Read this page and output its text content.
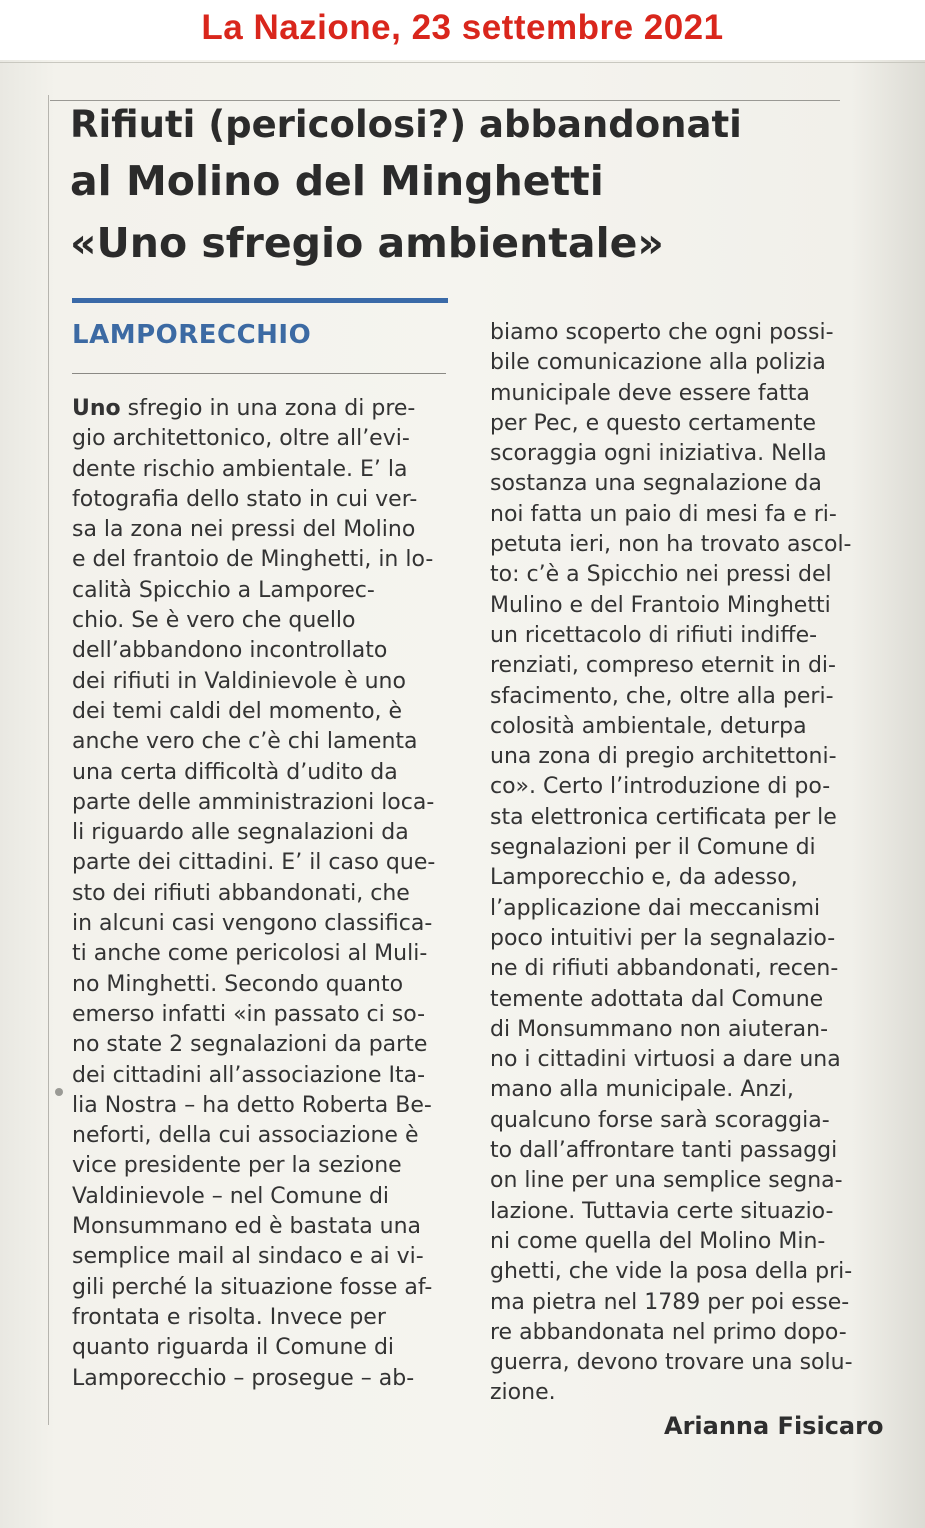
La Nazione, 23 settembre 2021
Rifiuti (pericolosi?) abbandonati
al Molino del Minghetti
«Uno sfregio ambientale»
LAMPORECCHIO
Uno sfregio in una zona di pre-
gio architettonico, oltre all’evi-
dente rischio ambientale. E’ la
fotografia dello stato in cui ver-
sa la zona nei pressi del Molino
e del frantoio de Minghetti, in lo-
calità Spicchio a Lamporec-
chio. Se è vero che quello
dell’abbandono incontrollato
dei rifiuti in Valdinievole è uno
dei temi caldi del momento, è
anche vero che c’è chi lamenta
una certa difficoltà d’udito da
parte delle amministrazioni loca-
li riguardo alle segnalazioni da
parte dei cittadini. E’ il caso que-
sto dei rifiuti abbandonati, che
in alcuni casi vengono classifica-
ti anche come pericolosi al Muli-
no Minghetti. Secondo quanto
emerso infatti «in passato ci so-
no state 2 segnalazioni da parte
dei cittadini all’associazione Ita-
lia Nostra – ha detto Roberta Be-
neforti, della cui associazione è
vice presidente per la sezione
Valdinievole – nel Comune di
Monsummano ed è bastata una
semplice mail al sindaco e ai vi-
gili perché la situazione fosse af-
frontata e risolta. Invece per
quanto riguarda il Comune di
Lamporecchio – prosegue – ab-
biamo scoperto che ogni possi-
bile comunicazione alla polizia
municipale deve essere fatta
per Pec, e questo certamente
scoraggia ogni iniziativa. Nella
sostanza una segnalazione da
noi fatta un paio di mesi fa e ri-
petuta ieri, non ha trovato ascol-
to: c’è a Spicchio nei pressi del
Mulino e del Frantoio Minghetti
un ricettacolo di rifiuti indiffe-
renziati, compreso eternit in di-
sfacimento, che, oltre alla peri-
colosità ambientale, deturpa
una zona di pregio architettoni-
co». Certo l’introduzione di po-
sta elettronica certificata per le
segnalazioni per il Comune di
Lamporecchio e, da adesso,
l’applicazione dai meccanismi
poco intuitivi per la segnalazio-
ne di rifiuti abbandonati, recen-
temente adottata dal Comune
di Monsummano non aiuteran-
no i cittadini virtuosi a dare una
mano alla municipale. Anzi,
qualcuno forse sarà scoraggia-
to dall’affrontare tanti passaggi
on line per una semplice segna-
lazione. Tuttavia certe situazio-
ni come quella del Molino Min-
ghetti, che vide la posa della pri-
ma pietra nel 1789 per poi esse-
re abbandonata nel primo dopo-
guerra, devono trovare una solu-
zione.
Arianna Fisicaro
